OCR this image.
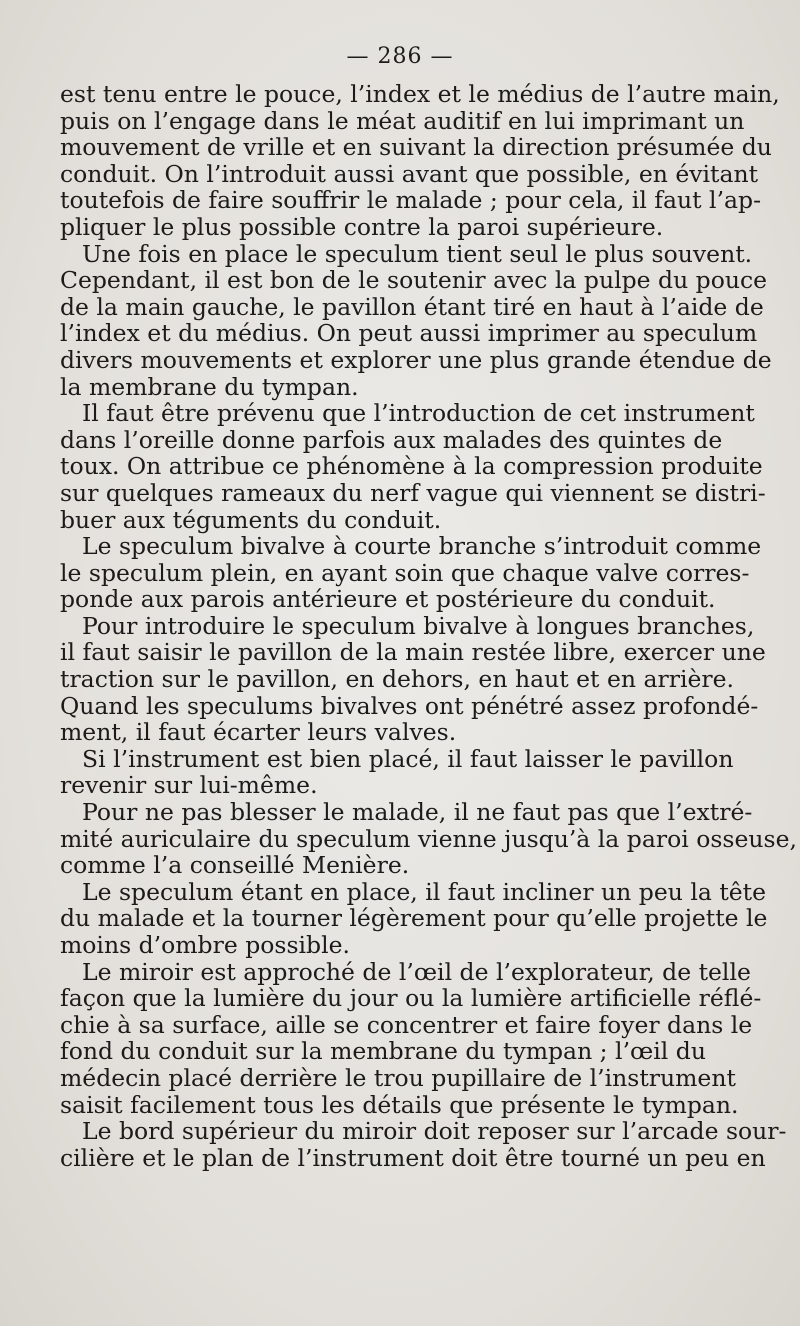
— 286 —

est tenu entre le pouce, l’index et le médius de l’autre main,
puis on l’engage dans le méat auditif en lui imprimant un
mouvement de vrille et en suivant la direction présumée du
conduit. On l’introduit aussi avant que possible, en évitant
toutefois de faire souffrir le malade ; pour cela, il faut l’ap-
pliquer le plus possible contre la paroi supérieure.

Une fois en place le speculum tient seul le plus souvent.
Cependant, il est bon de le soutenir avec la pulpe du pouce
de la main gauche, le pavillon étant tiré en haut à l’aide de
l’index et du médius. On peut aussi imprimer au speculum
divers mouvements et explorer une plus grande étendue de
la membrane du tympan.

Il faut être prévenu que l’introduction de cet instrument
dans l’oreille donne parfois aux malades des quintes de
toux. On attribue ce phénomène à la compression produite
sur quelques rameaux du nerf vague qui viennent se distri-
buer aux téguments du conduit.

Le speculum bivalve à courte branche s’introduit comme
le speculum plein, en ayant soin que chaque valve corres-
ponde aux parois antérieure et postérieure du conduit.

Pour introduire le speculum bivalve à longues branches,
il faut saisir le pavillon de la main restée libre, exercer une
traction sur le pavillon, en dehors, en haut et en arrière.
Quand les speculums bivalves ont pénétré assez profondé-
ment, il faut écarter leurs valves.

Si l’instrument est bien placé, il faut laisser le pavillon
revenir sur lui-même.

Pour ne pas blesser le malade, il ne faut pas que l’extré-
mité auriculaire du speculum vienne jusqu’à la paroi osseuse,
comme l’a conseillé Menière.

Le speculum étant en place, il faut incliner un peu la tête
du malade et la tourner légèrement pour qu’elle projette le
moins d’ombre possible.

Le miroir est approché de l’œil de l’explorateur, de telle
façon que la lumière du jour ou la lumière artificielle réflé-
chie à sa surface, aille se concentrer et faire foyer dans le
fond du conduit sur la membrane du tympan ; l’œil du
médecin placé derrière le trou pupillaire de l’instrument
saisit facilement tous les détails que présente le tympan.

Le bord supérieur du miroir doit reposer sur l’arcade sour-
cilière et le plan de l’instrument doit être tourné un peu en
